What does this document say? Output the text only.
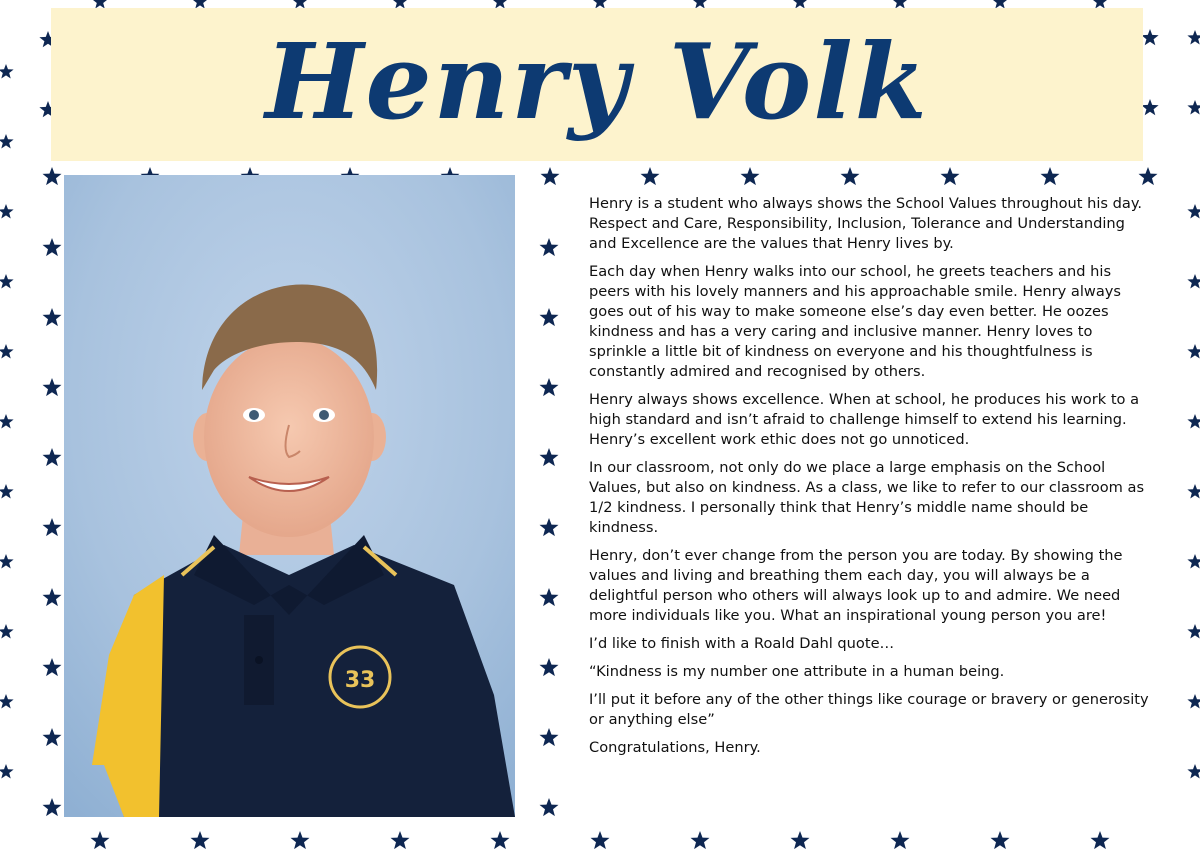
Henry Volk
33

Henry is a student who always shows the School Values throughout his day. Respect and Care, Responsibility, Inclusion, Tolerance and Understanding and Excellence are the values that Henry lives by.

Each day when Henry walks into our school, he greets teachers and his peers with his lovely manners and his approachable smile. Henry always goes out of his way to make someone else’s day even better. He oozes kindness and has a very caring and inclusive manner. Henry loves to sprinkle a little bit of kindness on everyone and his thoughtfulness is constantly admired and recognised by others.

Henry always shows excellence. When at school, he produces his work to a high standard and isn’t afraid to challenge himself to extend his learning. Henry’s excellent work ethic does not go unnoticed.

In our classroom, not only do we place a large emphasis on the School Values, but also on kindness. As a class, we like to refer to our classroom as 1/2 kindness. I personally think that Henry’s middle name should be kindness.

Henry, don’t ever change from the person you are today. By showing the values and living and breathing them each day, you will always be a delightful person who others will always look up to and admire. We need more individuals like you. What an inspirational young person you are!

I’d like to finish with a Roald Dahl quote…

“Kindness is my number one attribute in a human being.

I’ll put it before any of the other things like courage or bravery or generosity or anything else”

Congratulations, Henry.
